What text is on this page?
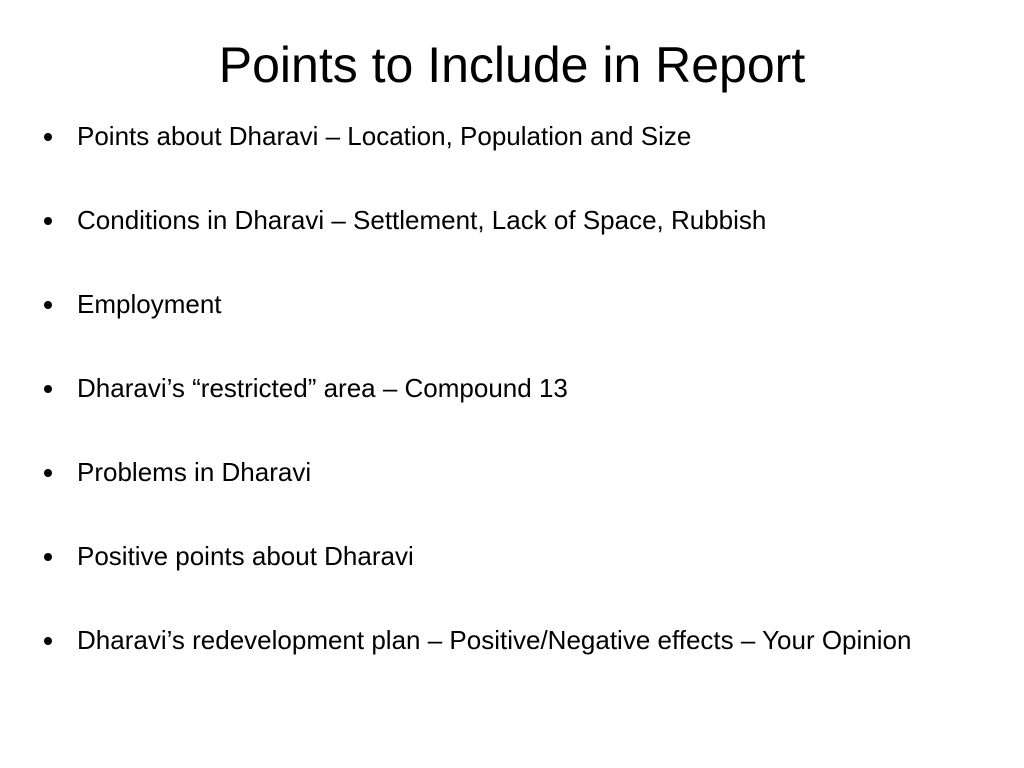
Points to Include in Report
Points about Dharavi – Location, Population and Size
Conditions in Dharavi – Settlement, Lack of Space, Rubbish
Employment
Dharavi’s “restricted” area – Compound 13
Problems in Dharavi
Positive points about Dharavi
Dharavi’s redevelopment plan – Positive/Negative effects – Your Opinion
